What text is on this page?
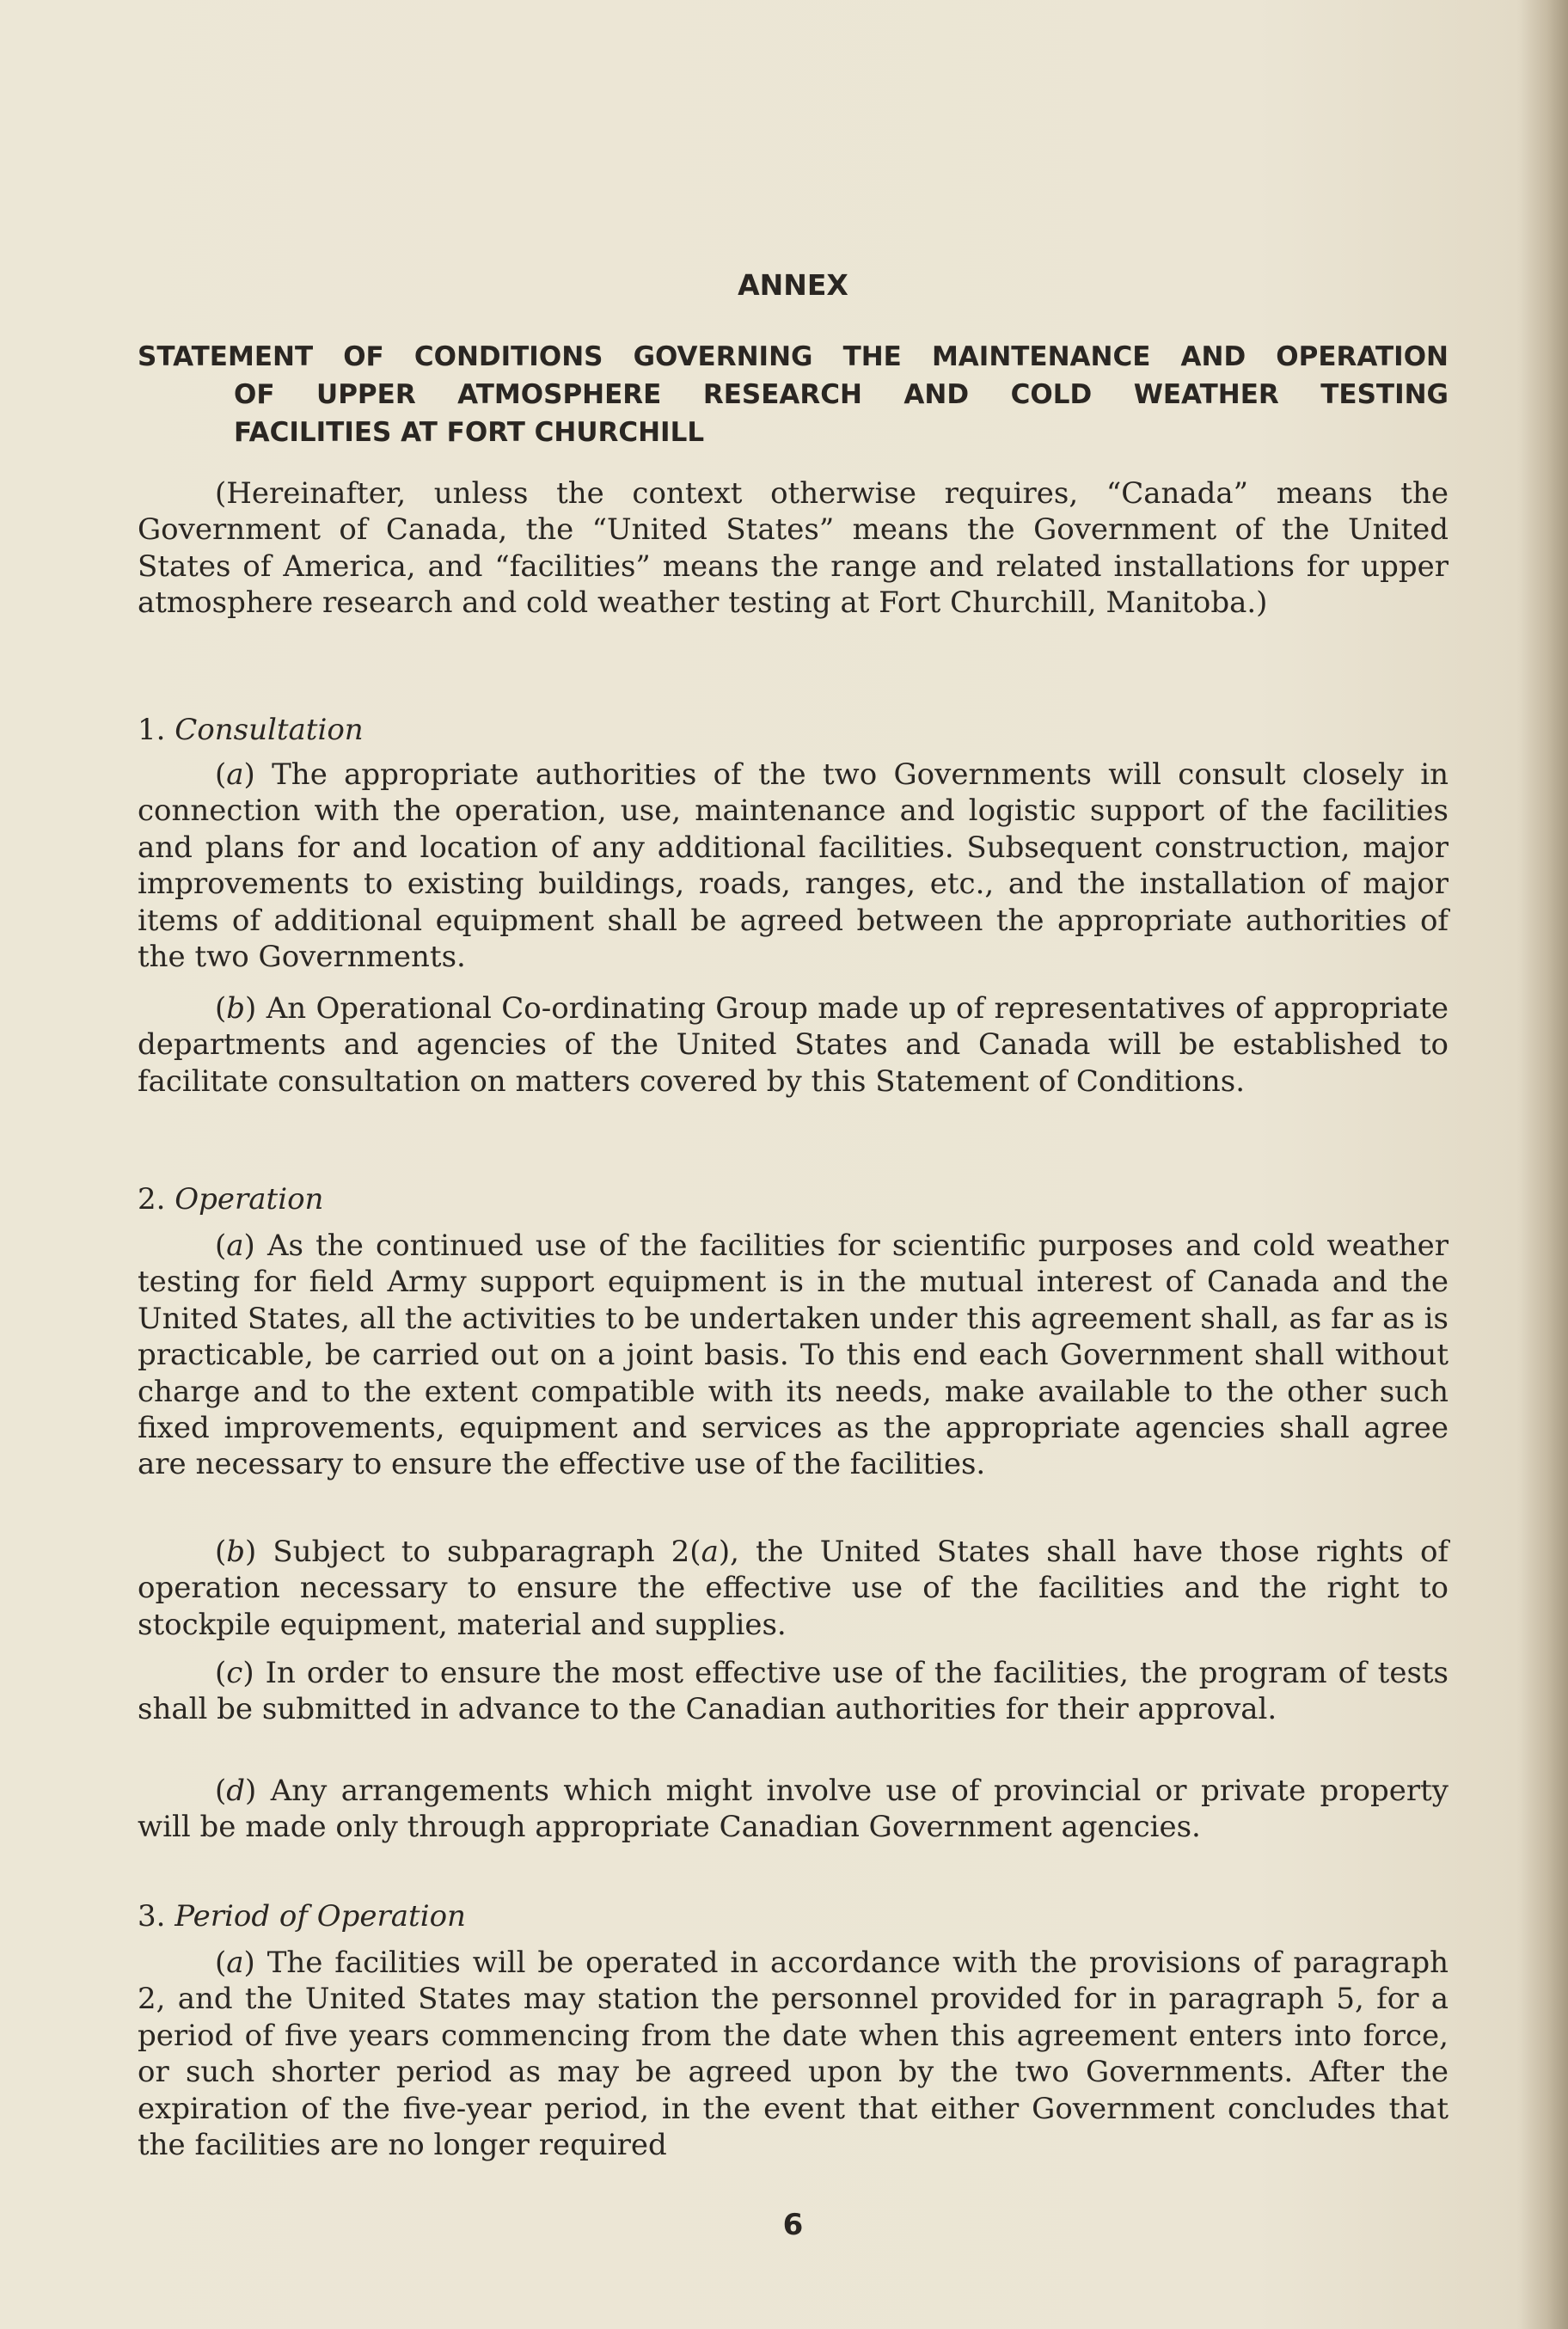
ANNEX
STATEMENT OF CONDITIONS GOVERNING THE MAINTENANCE AND OPERATION
OF UPPER ATMOSPHERE RESEARCH AND COLD WEATHER TESTING
FACILITIES AT FORT CHURCHILL
(Hereinafter, unless the context otherwise requires, “Canada” means the Government of Canada, the “United States” means the Government of the United States of America, and “facilities” means the range and related installations for upper atmosphere research and cold weather testing at Fort Churchill, Manitoba.)
1. Consultation
(a) The appropriate authorities of the two Governments will consult closely in connection with the operation, use, maintenance and logistic support of the facilities and plans for and location of any additional facilities. Subsequent construction, major improvements to existing buildings, roads, ranges, etc., and the installation of major items of additional equipment shall be agreed between the appropriate authorities of the two Governments.
(b) An Operational Co-ordinating Group made up of representatives of appropriate departments and agencies of the United States and Canada will be established to facilitate consultation on matters covered by this Statement of Conditions.
2. Operation
(a) As the continued use of the facilities for scientific purposes and cold weather testing for field Army support equipment is in the mutual interest of Canada and the United States, all the activities to be undertaken under this agreement shall, as far as is practicable, be carried out on a joint basis. To this end each Government shall without charge and to the extent compatible with its needs, make available to the other such fixed improvements, equipment and services as the appropriate agencies shall agree are necessary to ensure the effective use of the facilities.
(b) Subject to subparagraph 2(a), the United States shall have those rights of operation necessary to ensure the effective use of the facilities and the right to stockpile equipment, material and supplies.
(c) In order to ensure the most effective use of the facilities, the program of tests shall be submitted in advance to the Canadian authorities for their approval.
(d) Any arrangements which might involve use of provincial or private property will be made only through appropriate Canadian Government agencies.
3. Period of Operation
(a) The facilities will be operated in accordance with the provisions of paragraph 2, and the United States may station the personnel provided for in paragraph 5, for a period of five years commencing from the date when this agreement enters into force, or such shorter period as may be agreed upon by the two Governments. After the expiration of the five-year period, in the event that either Government concludes that the facilities are no longer required
6
